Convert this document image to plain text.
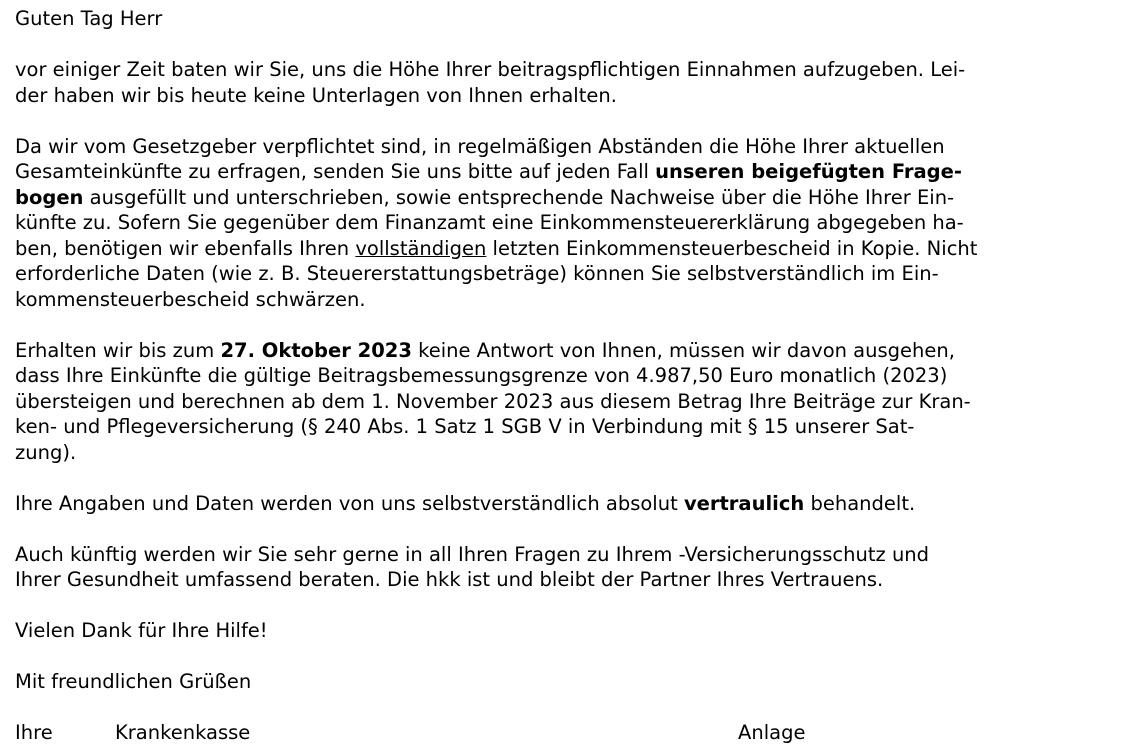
Guten Tag Herr

vor einiger Zeit baten wir Sie, uns die Höhe Ihrer beitragspflichtigen Einnahmen aufzugeben. Lei-
der haben wir bis heute keine Unterlagen von Ihnen erhalten.

Da wir vom Gesetzgeber verpflichtet sind, in regelmäßigen Abständen die Höhe Ihrer aktuellen
Gesamteinkünfte zu erfragen, senden Sie uns bitte auf jeden Fall unseren beigefügten Frage-
bogen ausgefüllt und unterschrieben, sowie entsprechende Nachweise über die Höhe Ihrer Ein-
künfte zu. Sofern Sie gegenüber dem Finanzamt eine Einkommensteuererklärung abgegeben ha-
ben, benötigen wir ebenfalls Ihren vollständigen letzten Einkommensteuerbescheid in Kopie. Nicht
erforderliche Daten (wie z. B. Steuererstattungsbeträge) können Sie selbstverständlich im Ein-
kommensteuerbescheid schwärzen.

Erhalten wir bis zum 27. Oktober 2023 keine Antwort von Ihnen, müssen wir davon ausgehen,
dass Ihre Einkünfte die gültige Beitragsbemessungsgrenze von 4.987,50 Euro monatlich (2023)
übersteigen und berechnen ab dem 1. November 2023 aus diesem Betrag Ihre Beiträge zur Kran-
ken- und Pflegeversicherung (§ 240 Abs. 1 Satz 1 SGB V in Verbindung mit § 15 unserer Sat-
zung).

Ihre Angaben und Daten werden von uns selbstverständlich absolut vertraulich behandelt.

Auch künftig werden wir Sie sehr gerne in all Ihren Fragen zu Ihrem -Versicherungsschutz und
Ihrer Gesundheit umfassend beraten. Die hkk ist und bleibt der Partner Ihres Vertrauens.

Vielen Dank für Ihre Hilfe!

Mit freundlichen Grüßen

Ihre	Krankenkasse	Anlage
